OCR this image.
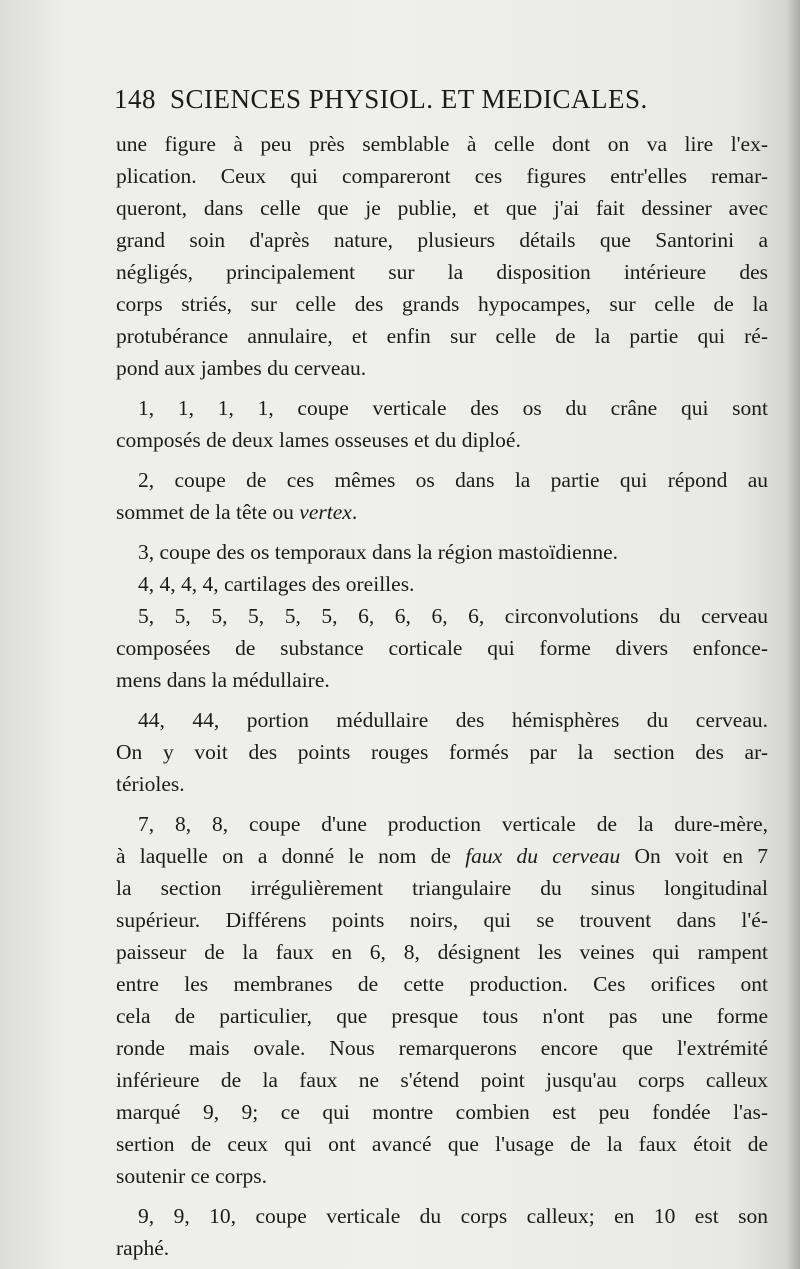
148 SCIENCES PHYSIOL. ET MEDICALES.
une figure à peu près semblable à celle dont on va lire l'ex-
plication. Ceux qui compareront ces figures entr'elles remar-
queront, dans celle que je publie, et que j'ai fait dessiner avec
grand soin d'après nature, plusieurs détails que Santorini a
négligés, principalement sur la disposition intérieure des
corps striés, sur celle des grands hypocampes, sur celle de la
protubérance annulaire, et enfin sur celle de la partie qui ré-
pond aux jambes du cerveau.
1, 1, 1, 1, coupe verticale des os du crâne qui sont
composés de deux lames osseuses et du diploé.
2, coupe de ces mêmes os dans la partie qui répond au
sommet de la tête ou vertex.
3, coupe des os temporaux dans la région mastoïdienne.
4, 4, 4, 4, cartilages des oreilles.
5, 5, 5, 5, 5, 5, 6, 6, 6, 6, circonvolutions du cerveau
composées de substance corticale qui forme divers enfonce-
mens dans la médullaire.
44, 44, portion médullaire des hémisphères du cerveau.
On y voit des points rouges formés par la section des ar-
térioles.
7, 8, 8, coupe d'une production verticale de la dure-mère,
à laquelle on a donné le nom de faux du cerveau On voit en 7
la section irrégulièrement triangulaire du sinus longitudinal
supérieur. Différens points noirs, qui se trouvent dans l'é-
paisseur de la faux en 6, 8, désignent les veines qui rampent
entre les membranes de cette production. Ces orifices ont
cela de particulier, que presque tous n'ont pas une forme
ronde mais ovale. Nous remarquerons encore que l'extrémité
inférieure de la faux ne s'étend point jusqu'au corps calleux
marqué 9, 9; ce qui montre combien est peu fondée l'as-
sertion de ceux qui ont avancé que l'usage de la faux étoit de
soutenir ce corps.
9, 9, 10, coupe verticale du corps calleux; en 10 est son
raphé.
